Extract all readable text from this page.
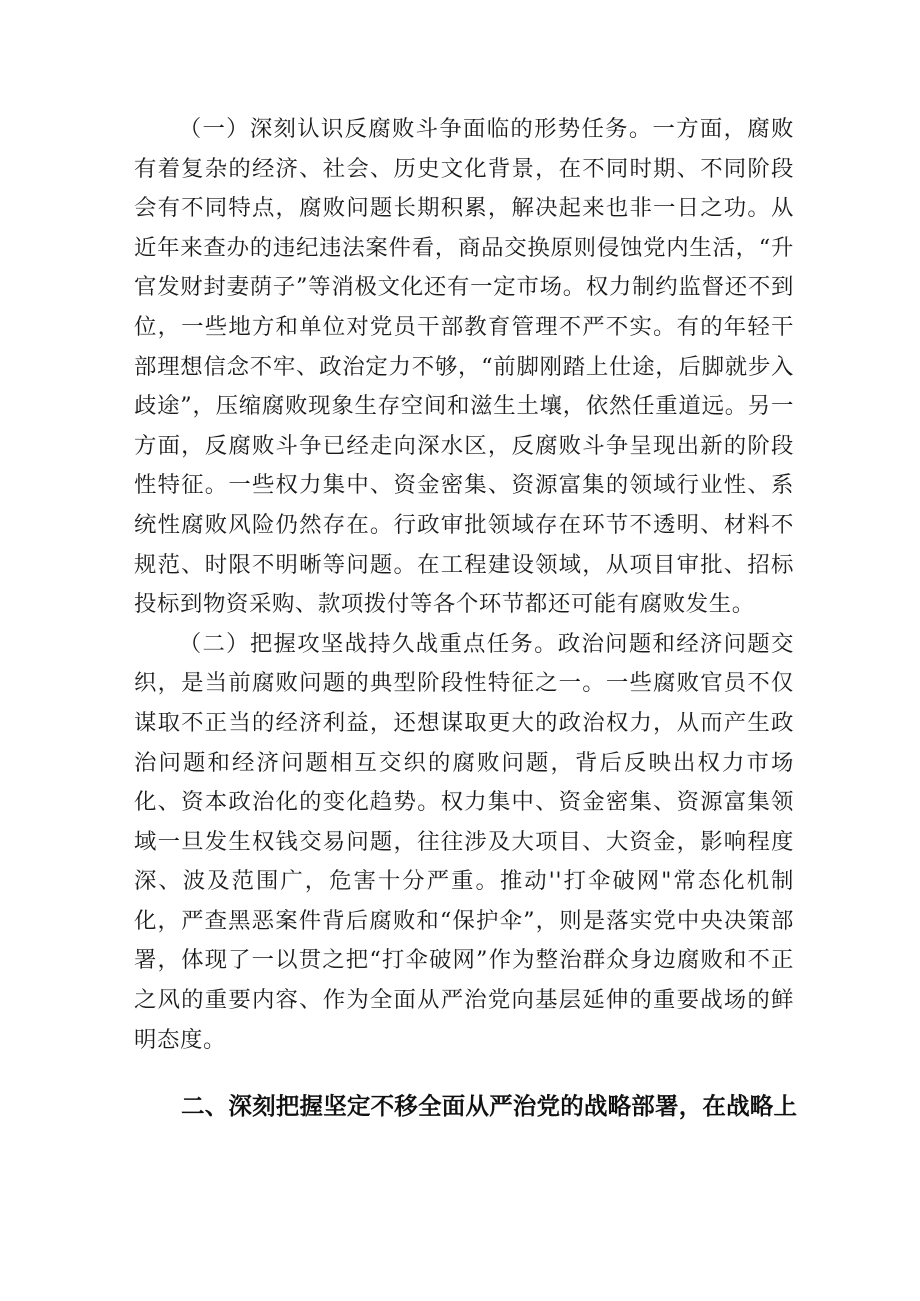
（一）深刻认识反腐败斗争面临的形势任务。一方面，腐败有着复杂的经济、社会、历史文化背景，在不同时期、不同阶段会有不同特点，腐败问题长期积累，解决起来也非一日之功。从近年来查办的违纪违法案件看，商品交换原则侵蚀党内生活，“升官发财封妻荫子”等消极文化还有一定市场。权力制约监督还不到位，一些地方和单位对党员干部教育管理不严不实。有的年轻干部理想信念不牢、政治定力不够，“前脚刚踏上仕途，后脚就步入歧途”，压缩腐败现象生存空间和滋生土壤，依然任重道远。另一方面，反腐败斗争已经走向深水区，反腐败斗争呈现出新的阶段性特征。一些权力集中、资金密集、资源富集的领域行业性、系统性腐败风险仍然存在。行政审批领域存在环节不透明、材料不规范、时限不明晰等问题。在工程建设领域，从项目审批、招标投标到物资采购、款项拨付等各个环节都还可能有腐败发生。

（二）把握攻坚战持久战重点任务。政治问题和经济问题交织，是当前腐败问题的典型阶段性特征之一。一些腐败官员不仅谋取不正当的经济利益，还想谋取更大的政治权力，从而产生政治问题和经济问题相互交织的腐败问题，背后反映出权力市场化、资本政治化的变化趋势。权力集中、资金密集、资源富集领域一旦发生权钱交易问题，往往涉及大项目、大资金，影响程度深、波及范围广，危害十分严重。推动''打伞破网"常态化机制化，严查黑恶案件背后腐败和“保护伞”，则是落实党中央决策部署，体现了一以贯之把“打伞破网”作为整治群众身边腐败和不正之风的重要内容、作为全面从严治党向基层延伸的重要战场的鲜明态度。

二、深刻把握坚定不移全面从严治党的战略部署，在战略上
